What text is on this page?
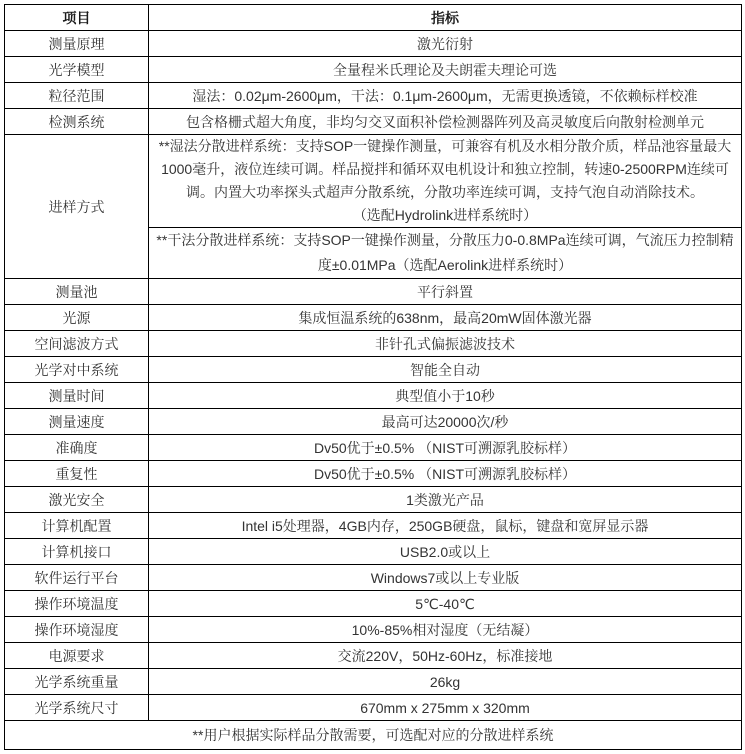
项目	指标
测量原理	激光衍射
光学模型	全量程米氏理论及夫朗霍夫理论可选
粒径范围	湿法：0.02μm-2600μm，干法：0.1μm-2600μm，无需更换透镜，不依赖标样校准
检测系统	包含格栅式超大角度，非均匀交叉面积补偿检测器阵列及高灵敏度后向散射检测单元
进样方式	**湿法分散进样系统：支持SOP一键操作测量，可兼容有机及水相分散介质，样品池容量最大1000毫升，液位连续可调。样品搅拌和循环双电机设计和独立控制，转速0-2500RPM连续可调。内置大功率探头式超声分散系统，分散功率连续可调，支持气泡自动消除技术。
（选配Hydrolink进样系统时）

	**干法分散进样系统：支持SOP一键操作测量，分散压力0-0.8MPa连续可调，气流压力控制精度±0.01MPa（选配Aerolink进样系统时）
测量池	平行斜置
光源	集成恒温系统的638nm，最高20mW固体激光器
空间滤波方式	非针孔式偏振滤波技术
光学对中系统	智能全自动
测量时间	典型值小于10秒
测量速度	最高可达20000次/秒
准确度	Dv50优于±0.5% （NIST可溯源乳胶标样）
重复性	Dv50优于±0.5% （NIST可溯源乳胶标样）
激光安全	1类激光产品
计算机配置	Intel i5处理器，4GB内存，250GB硬盘，鼠标，键盘和宽屏显示器
计算机接口	USB2.0或以上
软件运行平台	Windows7或以上专业版
操作环境温度	5℃-40℃
操作环境湿度	10%-85%相对湿度（无结凝）
电源要求	交流220V，50Hz-60Hz，标准接地
光学系统重量	26kg
光学系统尺寸	670mm x 275mm x 320mm
**用户根据实际样品分散需要，可选配对应的分散进样系统	
